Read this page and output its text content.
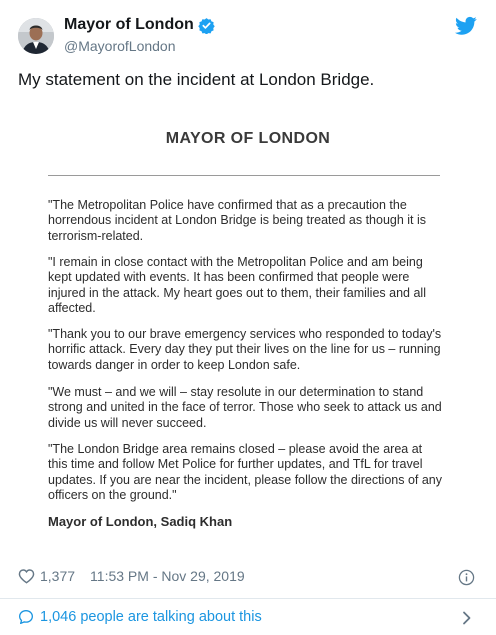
Mayor of London
@MayorofLondon
My statement on the incident at London Bridge.
MAYOR OF LONDON
"The Metropolitan Police have confirmed that as a precaution the horrendous incident at London Bridge is being treated as though it is terrorism-related.
"I remain in close contact with the Metropolitan Police and am being kept updated with events. It has been confirmed that people were injured in the attack. My heart goes out to them, their families and all affected.
"Thank you to our brave emergency services who responded to today's horrific attack. Every day they put their lives on the line for us – running towards danger in order to keep London safe.
"We must – and we will – stay resolute in our determination to stand strong and united in the face of terror. Those who seek to attack us and divide us will never succeed.
"The London Bridge area remains closed – please avoid the area at this time and follow Met Police for further updates, and TfL for travel updates. If you are near the incident, please follow the directions of any officers on the ground."
Mayor of London, Sadiq Khan
1,377 11:53 PM - Nov 29, 2019
1,046 people are talking about this
